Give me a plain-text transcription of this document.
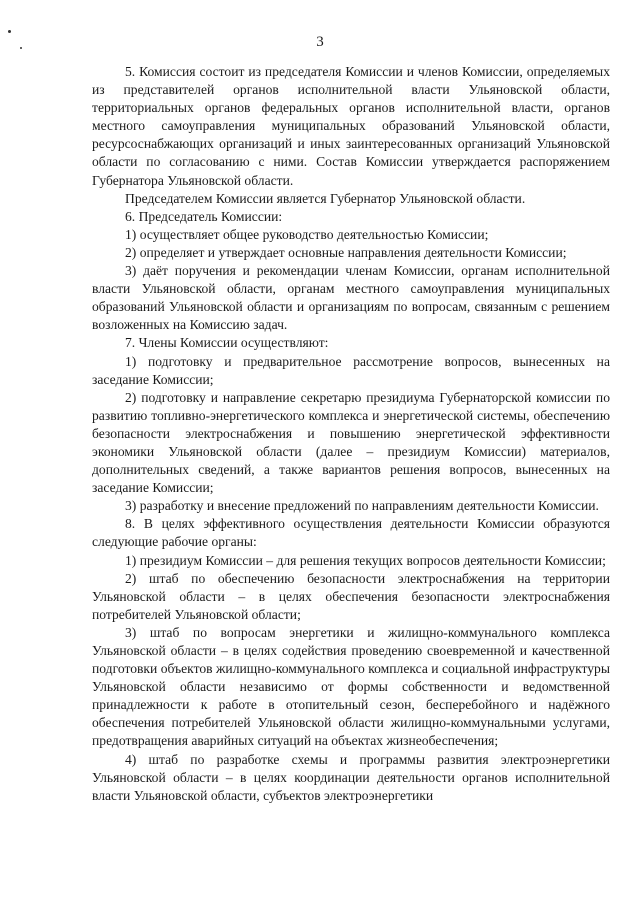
3

5. Комиссия состоит из председателя Комиссии и членов Комиссии, определяемых из представителей органов исполнительной власти Ульяновской области, территориальных органов федеральных органов исполнительной власти, органов местного самоуправления муниципальных образований Ульяновской области, ресурсоснабжающих организаций и иных заинтересованных организаций Ульяновской области по согласованию с ними. Состав Комиссии утверждается распоряжением Губернатора Ульяновской области.

Председателем Комиссии является Губернатор Ульяновской области.

6. Председатель Комиссии:

1) осуществляет общее руководство деятельностью Комиссии;

2) определяет и утверждает основные направления деятельности Комиссии;

3) даёт поручения и рекомендации членам Комиссии, органам исполнительной власти Ульяновской области, органам местного самоуправления муниципальных образований Ульяновской области и организациям по вопросам, связанным с решением возложенных на Комиссию задач.

7. Члены Комиссии осуществляют:

1) подготовку и предварительное рассмотрение вопросов, вынесенных на заседание Комиссии;

2) подготовку и направление секретарю президиума Губернаторской комиссии по развитию топливно-энергетического комплекса и энергетической системы, обеспечению безопасности электроснабжения и повышению энергетической эффективности экономики Ульяновской области (далее – президиум Комиссии) материалов, дополнительных сведений, а также вариантов решения вопросов, вынесенных на заседание Комиссии;

3) разработку и внесение предложений по направлениям деятельности Комиссии.

8. В целях эффективного осуществления деятельности Комиссии образуются следующие рабочие органы:

1) президиум Комиссии – для решения текущих вопросов деятельности Комиссии;

2) штаб по обеспечению безопасности электроснабжения на территории Ульяновской области – в целях обеспечения безопасности электроснабжения потребителей Ульяновской области;

3) штаб по вопросам энергетики и жилищно-коммунального комплекса Ульяновской области – в целях содействия проведению своевременной и качественной подготовки объектов жилищно-коммунального комплекса и социальной инфраструктуры Ульяновской области независимо от формы собственности и ведомственной принадлежности к работе в отопительный сезон, бесперебойного и надёжного обеспечения потребителей Ульяновской области жилищно-коммунальными услугами, предотвращения аварийных ситуаций на объектах жизнеобеспечения;

4) штаб по разработке схемы и программы развития электроэнергетики Ульяновской области – в целях координации деятельности органов исполнительной власти Ульяновской области, субъектов электроэнергетики
